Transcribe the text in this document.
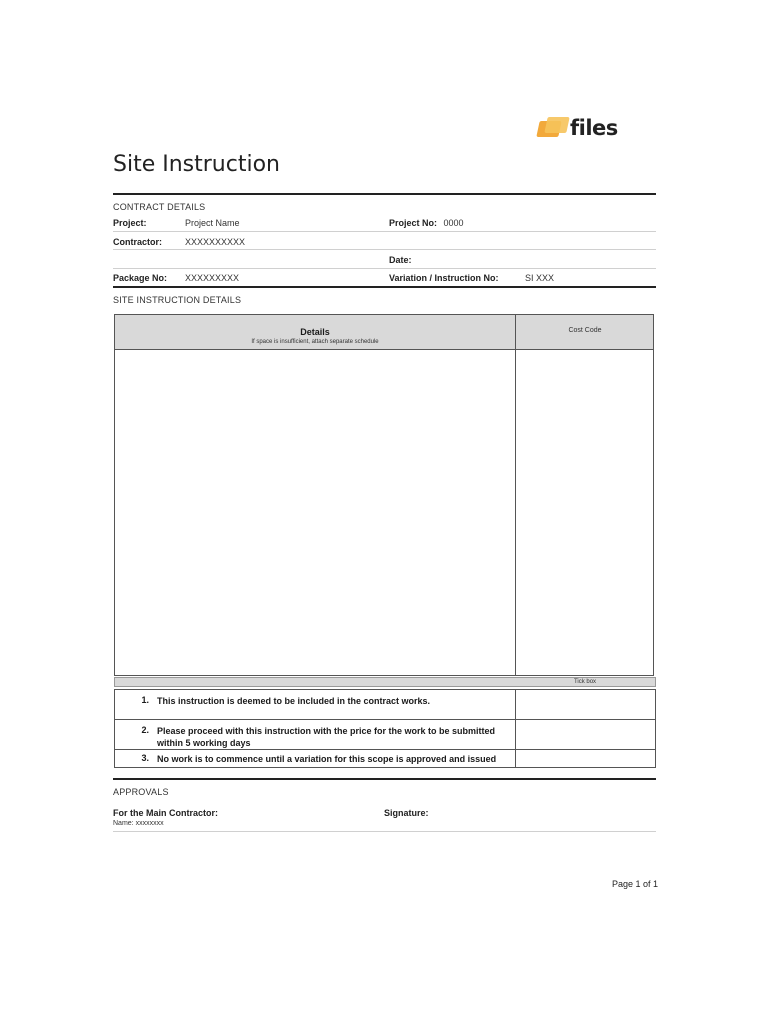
files
Site Instruction
CONTRACT DETAILS
Project:	Project Name	Project No: 0000
Contractor:	XXXXXXXXXX
Date:
Package No: XXXXXXXXX	Variation / Instruction No:	SI XXX
SITE INSTRUCTION DETAILS
Details
If space is insufficient, attach separate schedule
Cost Code
Tick box
1. This instruction is deemed to be included in the contract works.
2. Please proceed with this instruction with the price for the work to be submitted within 5 working days
3. No work is to commence until a variation for this scope is approved and issued
APPROVALS
For the Main Contractor:	Signature:
Name: xxxxxxxx
Page 1 of 1
